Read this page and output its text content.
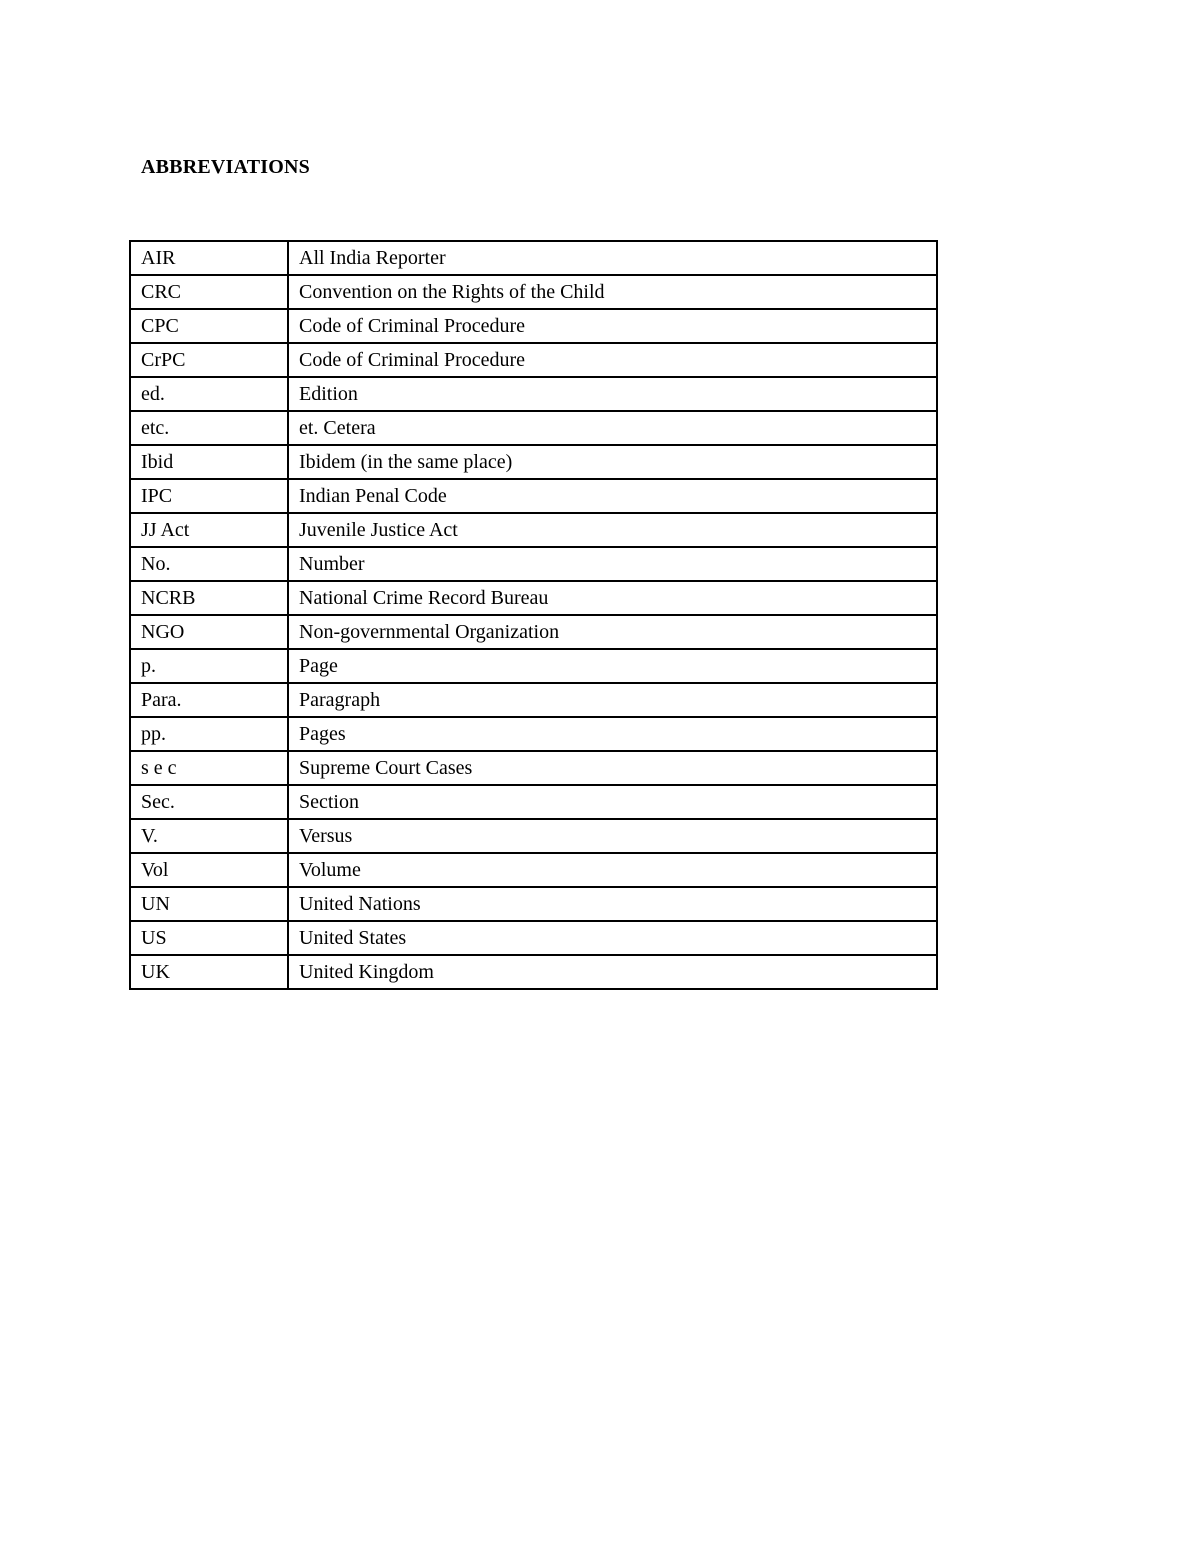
ABBREVIATIONS
AIR	All India Reporter
CRC	Convention on the Rights of the Child
CPC	Code of Criminal Procedure
CrPC	Code of Criminal Procedure
ed.	Edition
etc.	et. Cetera
Ibid	Ibidem (in the same place)
IPC	Indian Penal Code
JJ Act	Juvenile Justice Act
No.	Number
NCRB	National Crime Record Bureau
NGO	Non-governmental Organization
p.	Page
Para.	Paragraph
pp.	Pages
s e c	Supreme Court Cases
Sec.	Section
V.	Versus
Vol	Volume
UN	United Nations
US	United States
UK	United Kingdom
